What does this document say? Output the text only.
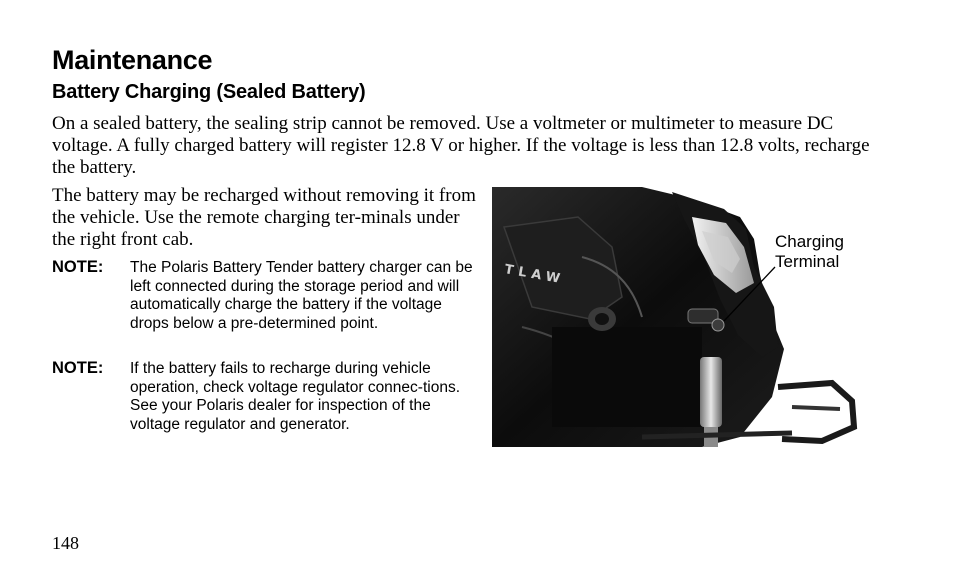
Maintenance
Battery Charging (Sealed Battery)

On a sealed battery, the sealing strip cannot be removed. Use a voltmeter or multimeter to measure DC voltage. A fully charged battery will register 12.8 V or higher. If the voltage is less than 12.8 volts, recharge the battery.

The battery may be recharged without removing it from the vehicle. Use the remote charging ter-minals under the right front cab.

NOTE: The Polaris Battery Tender battery charger can be left connected during the storage period and will automatically charge the battery if the voltage drops below a pre-determined point.
NOTE: If the battery fails to recharge during vehicle operation, check voltage regulator connec-tions. See your Polaris dealer for inspection of the voltage regulator and generator.
TLAW
Charging
Terminal
148
